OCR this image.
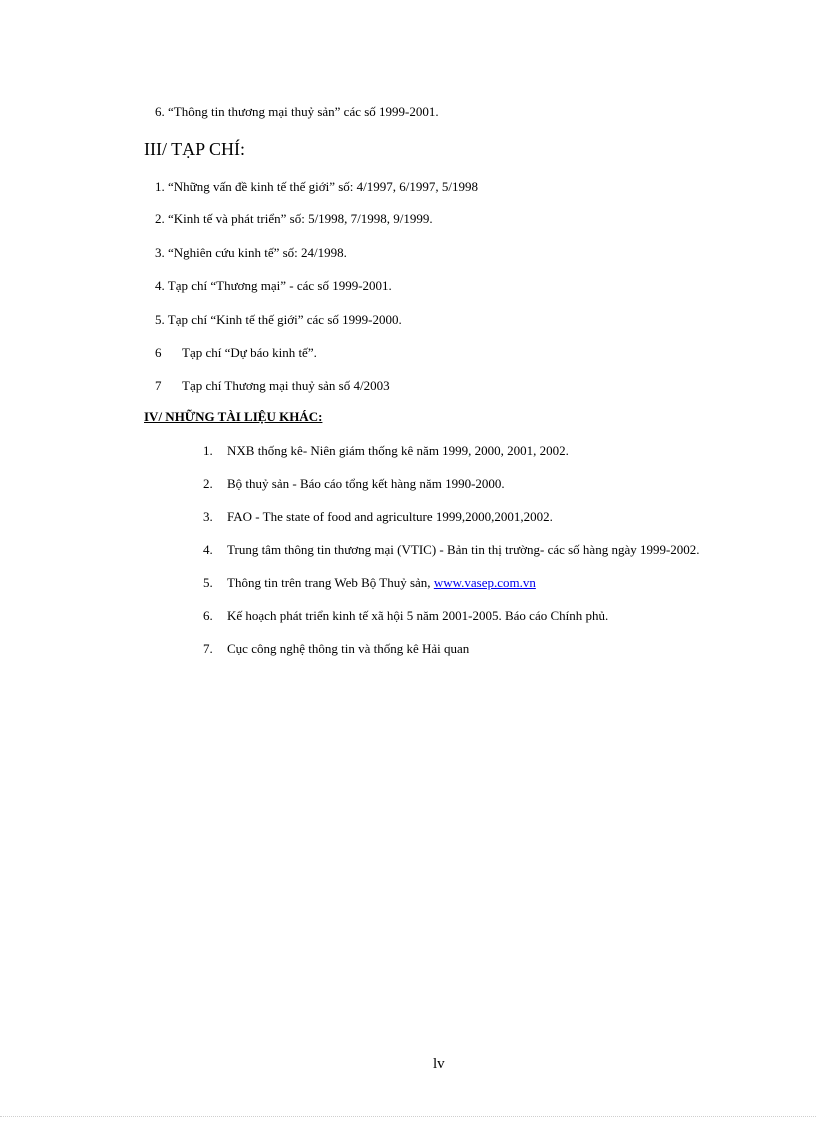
6. “Thông tin thương mại thuỷ sản” các số 1999-2001.
III/ TẠP CHÍ:
1. “Những vấn đề kinh tế thế giới” số: 4/1997, 6/1997, 5/1998
2. “Kinh tế và phát triển” số: 5/1998, 7/1998, 9/1999.
3. “Nghiên cứu kinh tế” số: 24/1998.
4. Tạp chí “Thương mại” - các số 1999-2001.
5. Tạp chí “Kinh tế thế giới” các số 1999-2000.
6 Tạp chí “Dự báo kinh tế”.
7 Tạp chí Thương mại thuỷ sản số 4/2003
IV/ NHỮNG TÀI LIỆU KHÁC:
1. NXB thống kê- Niên giám thống kê năm 1999, 2000, 2001, 2002.
2. Bộ thuỷ sản - Báo cáo tổng kết hàng năm 1990-2000.
3. FAO - The state of food and agriculture 1999,2000,2001,2002.
4. Trung tâm thông tin thương mại (VTIC) - Bản tin thị trường- các số hàng ngày 1999-2002.
5. Thông tin trên trang Web Bộ Thuỷ sản, www.vasep.com.vn
6. Kế hoạch phát triển kinh tế xã hội 5 năm 2001-2005. Báo cáo Chính phủ.
7. Cục công nghệ thông tin và thống kê Hải quan
lv
